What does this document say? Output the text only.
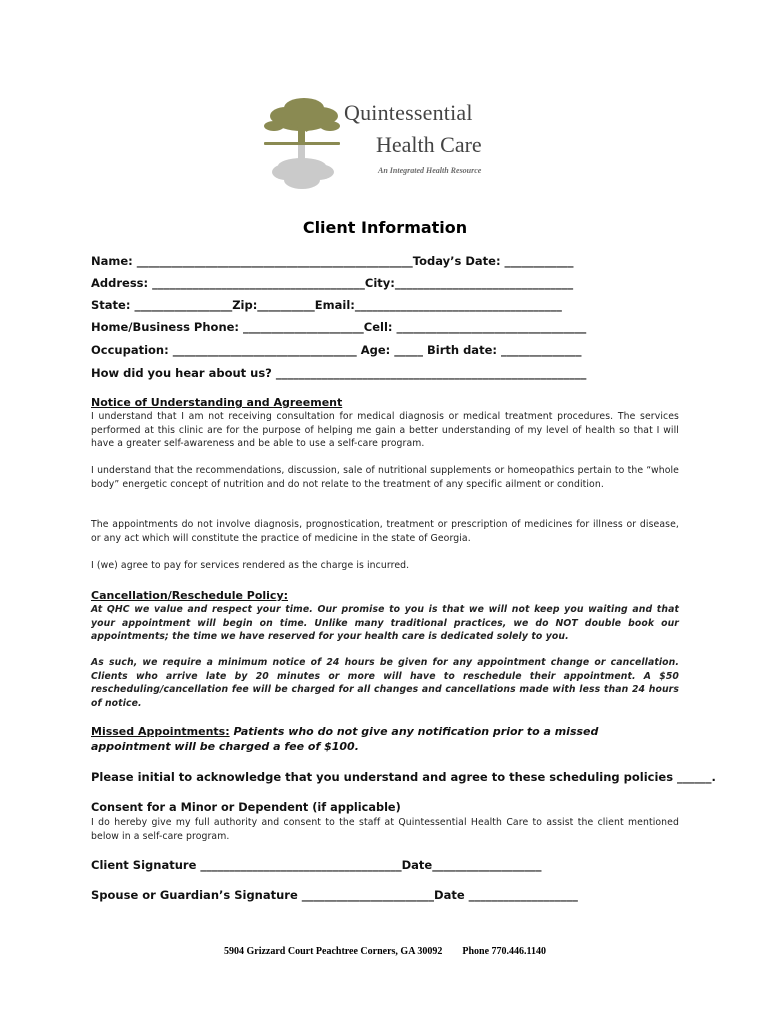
Quintessential
Health Care
An Integrated Health Resource
Client Information
Name: ________________________________________________Today’s Date: ____________
Address: _____________________________________City:_______________________________
State: _________________Zip:__________Email:____________________________________
Home/Business Phone: _____________________Cell: _________________________________
Occupation: ________________________________ Age: _____ Birth date: ______________
How did you hear about us? ______________________________________________________
Notice of Understanding and Agreement
I understand that I am not receiving consultation for medical diagnosis or medical treatment procedures. The services performed at this clinic are for the purpose of helping me gain a better understanding of my level of health so that I will have a greater self-awareness and be able to use a self-care program.
I understand that the recommendations, discussion, sale of nutritional supplements or homeopathics pertain to the “whole body” energetic concept of nutrition and do not relate to the treatment of any specific ailment or condition.
The appointments do not involve diagnosis, prognostication, treatment or prescription of medicines for illness or disease, or any act which will constitute the practice of medicine in the state of Georgia.
I (we) agree to pay for services rendered as the charge is incurred.
Cancellation/Reschedule Policy:
At QHC we value and respect your time. Our promise to you is that we will not keep you waiting and that your appointment will begin on time. Unlike many traditional practices, we do NOT double book our appointments; the time we have reserved for your health care is dedicated solely to you.
As such, we require a minimum notice of 24 hours be given for any appointment change or cancellation. Clients who arrive late by 20 minutes or more will have to reschedule their appointment. A $50 rescheduling/cancellation fee will be charged for all changes and cancellations made with less than 24 hours of notice.
Missed Appointments: Patients who do not give any notification prior to a missed appointment will be charged a fee of $100.
Please initial to acknowledge that you understand and agree to these scheduling policies ______.
Consent for a Minor or Dependent (if applicable)
I do hereby give my full authority and consent to the staff at Quintessential Health Care to assist the client mentioned below in a self-care program.
Client Signature ___________________________________Date___________________
Spouse or Guardian’s Signature _______________________Date ___________________
5904 Grizzard Court Peachtree Corners, GA 30092 Phone 770.446.1140
